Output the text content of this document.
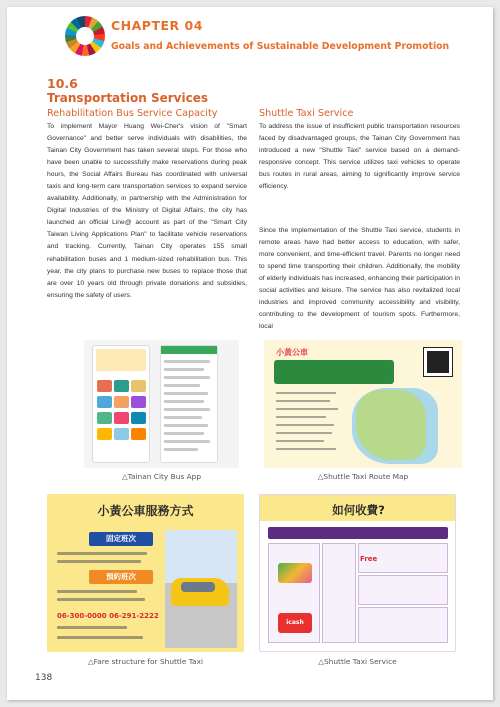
CHAPTER 04
Goals and Achievements of Sustainable Development Promotion
10.6
Transportation Services
Rehabilitation Bus Service Capacity
To implement Mayor Huang Wei-Cher's vision of "Smart Governance" and better serve individuals with disabilities, the Tainan City Government has taken several steps. For those who have been unable to successfully make reservations during peak hours, the Social Affairs Bureau has coordinated with universal taxis and long-term care transportation services to expand service availability. Additionally, in partnership with the Administration for Digital Industries of the Ministry of Digital Affairs, the city has launched an official Line@ account as part of the "Smart City Taiwan Living Applications Plan" to facilitate vehicle reservations and tracking. Currently, Tainan City operates 155 small rehabilitation buses and 1 medium-sized rehabilitation bus. This year, the city plans to purchase new buses to replace those that are over 10 years old through private donations and subsidies, ensuring the safety of users.
Shuttle Taxi Service
To address the issue of insufficient public transportation resources faced by disadvantaged groups, the Tainan City Government has introduced a new "Shuttle Taxi" service based on a demand-responsive concept. This service utilizes taxi vehicles to operate bus routes in rural areas, aiming to significantly improve service efficiency.
Since the implementation of the Shuttle Taxi service, students in remote areas have had better access to education, with safer, more convenient, and time-efficient travel. Parents no longer need to spend time transporting their children. Additionally, the mobility of elderly individuals has increased, enhancing their participation in social activities and leisure. The service has also revitalized local industries and improved community accessibility and visibility, contributing to the development of tourism spots. Furthermore, local
△Tainan City Bus App
小黃公車
△Shuttle Taxi Route Map
小黃公車服務方式
固定班次
預約班次
06-300-0000 06-291-2222
△Fare structure for Shuttle Taxi
如何收費?
Free
icash
△Shuttle Taxi Service
138
